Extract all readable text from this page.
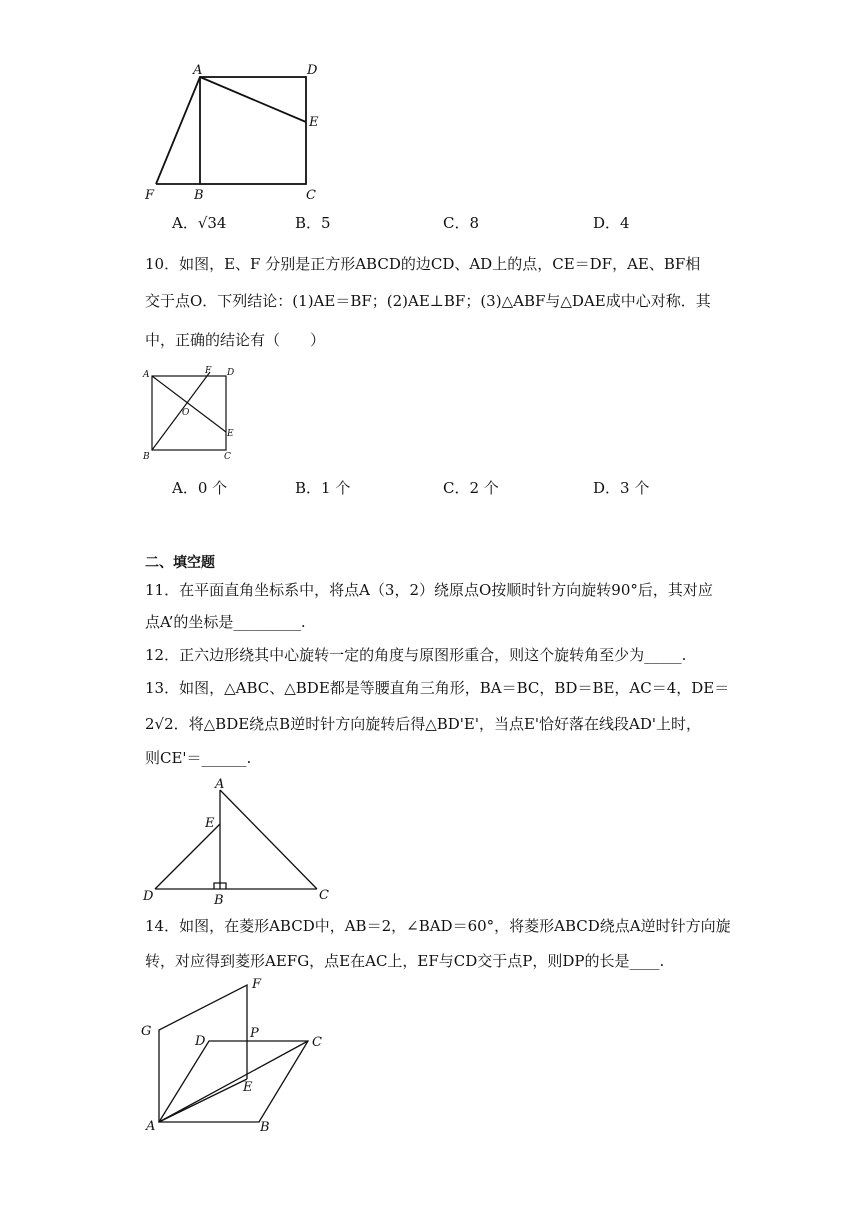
A	D
E
F	B	C
A．√34	B．5	C．8	D．4
10．如图，E、F 分别是正方形ABCD的边CD、AD上的点，CE＝DF，AE、BF相
交于点O．下列结论：(1)AE＝BF；(2)AE⊥BF；(3)△ABF与△DAE成中心对称．其
中，正确的结论有（　　）
A	F D
O
E
B	C
A．0 个	B．1 个	C．2 个	D．3 个
二、填空题
11．在平面直角坐标系中，将点A（3，2）绕原点O按顺时针方向旋转90°后，其对应
点A’的坐标是_________.
12．正六边形绕其中心旋转一定的角度与原图形重合，则这个旋转角至少为_____.
13．如图，△ABC、△BDE都是等腰直角三角形，BA＝BC，BD＝BE，AC＝4，DE＝
2√2．将△BDE绕点B逆时针方向旋转后得△BD'E'，当点E'恰好落在线段AD'上时，
则CE'＝______.
A
E
D	B	C
14．如图，在菱形ABCD中，AB＝2，∠BAD＝60°，将菱形ABCD绕点A逆时针方向旋
转，对应得到菱形AEFG，点E在AC上，EF与CD交于点P，则DP的长是____.
F
G
D
P
C
E
A	B
